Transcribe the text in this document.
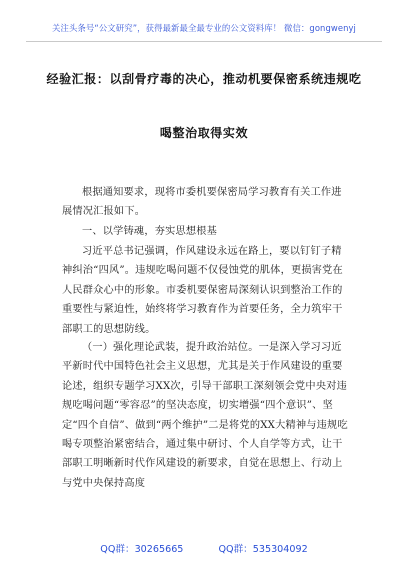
关注头条号“公文研究”，获得最新最全最专业的公文资料库！ 微信：gongwenyj
经验汇报：以刮骨疗毒的决心，推动机要保密系统违规吃
喝整治取得实效
根据通知要求，现将市委机要保密局学习教育有关工作进展情况汇报如下。
一、以学铸魂，夯实思想根基
习近平总书记强调，作风建设永远在路上，要以钉钉子精神纠治“四风”。违规吃喝问题不仅侵蚀党的肌体，更损害党在人民群众心中的形象。市委机要保密局深刻认识到整治工作的重要性与紧迫性，始终将学习教育作为首要任务，全力筑牢干部职工的思想防线。
（一）强化理论武装，提升政治站位。一是深入学习习近平新时代中国特色社会主义思想，尤其是关于作风建设的重要论述，组织专题学习XX次，引导干部职工深刻领会党中央对违规吃喝问题“零容忍”的坚决态度，切实增强“四个意识”、坚定“四个自信”、做到“两个维护”二是将党的XX大精神与违规吃喝专项整治紧密结合，通过集中研讨、个人自学等方式，让干部职工明晰新时代作风建设的新要求，自觉在思想上、行动上与党中央保持高度
QQ群：30265665	QQ群：535304092
